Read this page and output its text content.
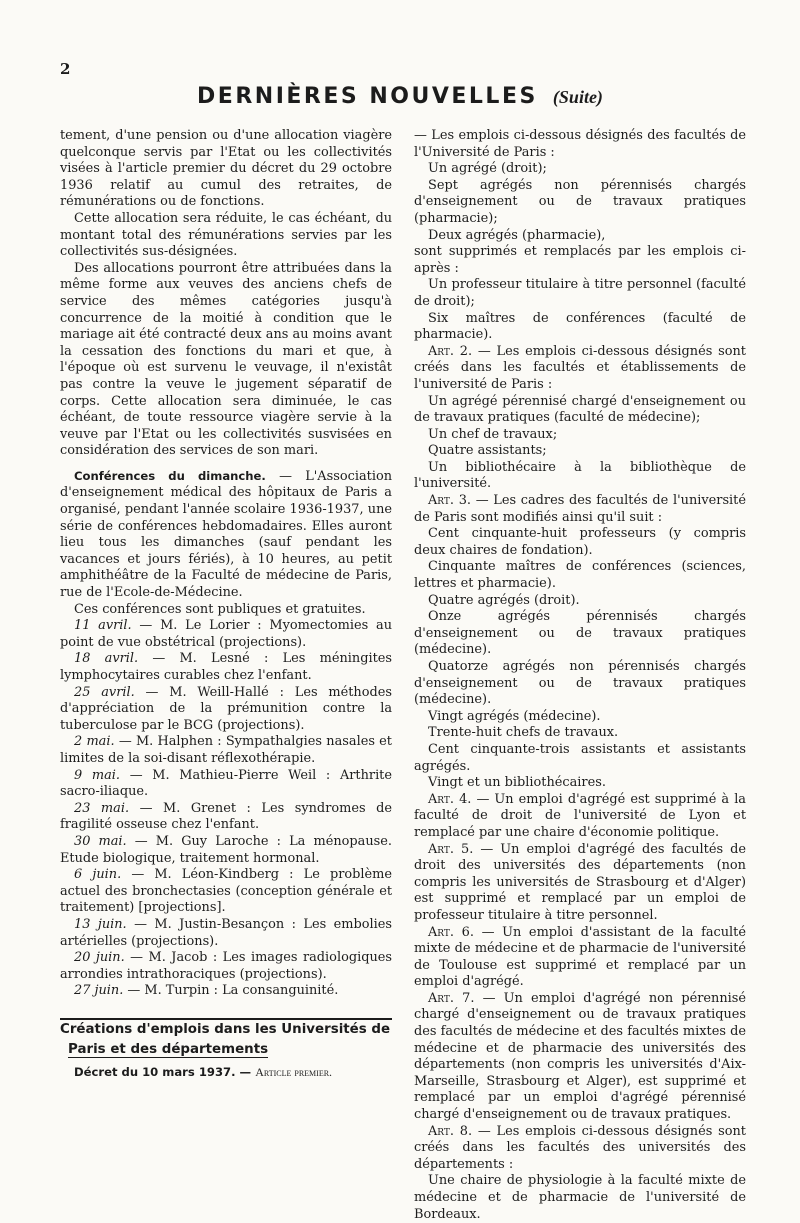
2
DERNIÈRES NOUVELLES (Suite)

tement, d'une pension ou d'une allocation viagère quelconque servis par l'Etat ou les collectivités visées à l'article premier du décret du 29 octobre 1936 relatif au cumul des retraites, de rémunérations ou de fonctions.

Cette allocation sera réduite, le cas échéant, du montant total des rémunérations servies par les collectivités sus-désignées.

Des allocations pourront être attribuées dans la même forme aux veuves des anciens chefs de service des mêmes catégories jusqu'à concurrence de la moitié à condition que le mariage ait été contracté deux ans au moins avant la cessation des fonctions du mari et que, à l'époque où est survenu le veuvage, il n'existât pas contre la veuve le jugement séparatif de corps. Cette allocation sera diminuée, le cas échéant, de toute ressource viagère servie à la veuve par l'Etat ou les collectivités susvisées en considération des services de son mari.

Conférences du dimanche. — L'Association d'enseignement médical des hôpitaux de Paris a organisé, pendant l'année scolaire 1936-1937, une série de conférences hebdomadaires. Elles auront lieu tous les dimanches (sauf pendant les vacances et jours fériés), à 10 heures, au petit amphithéâtre de la Faculté de médecine de Paris, rue de l'Ecole-de-Médecine.

Ces conférences sont publiques et gratuites.

11 avril. — M. Le Lorier : Myomectomies au point de vue obstétrical (projections).

18 avril. — M. Lesné : Les méningites lymphocytaires curables chez l'enfant.

25 avril. — M. Weill-Hallé : Les méthodes d'appréciation de la prémunition contre la tuberculose par le BCG (projections).

2 mai. — M. Halphen : Sympathalgies nasales et limites de la soi-disant réflexothérapie.

9 mai. — M. Mathieu-Pierre Weil : Arthrite sacro-iliaque.

23 mai. — M. Grenet : Les syndromes de fragilité osseuse chez l'enfant.

30 mai. — M. Guy Laroche : La ménopause. Etude biologique, traitement hormonal.

6 juin. — M. Léon-Kindberg : Le problème actuel des bronchectasies (conception générale et traitement) [projections].

13 juin. — M. Justin-Besançon : Les embolies artérielles (projections).

20 juin. — M. Jacob : Les images radiologiques arrondies intrathoraciques (projections).

27 juin. — M. Turpin : La consanguinité.

Créations d'emplois dans les Universités de
Paris et des départements

Décret du 10 mars 1937. — Article premier.

— Les emplois ci-dessous désignés des facultés de l'Université de Paris :

Un agrégé (droit);

Sept agrégés non pérennisés chargés d'enseignement ou de travaux pratiques (pharmacie);

Deux agrégés (pharmacie),

sont supprimés et remplacés par les emplois ci-après :

Un professeur titulaire à titre personnel (faculté de droit);

Six maîtres de conférences (faculté de pharmacie).

Art. 2. — Les emplois ci-dessous désignés sont créés dans les facultés et établissements de l'université de Paris :

Un agrégé pérennisé chargé d'enseignement ou de travaux pratiques (faculté de médecine);

Un chef de travaux;

Quatre assistants;

Un bibliothécaire à la bibliothèque de l'université.

Art. 3. — Les cadres des facultés de l'université de Paris sont modifiés ainsi qu'il suit :

Cent cinquante-huit professeurs (y compris deux chaires de fondation).

Cinquante maîtres de conférences (sciences, lettres et pharmacie).

Quatre agrégés (droit).

Onze agrégés pérennisés chargés d'enseignement ou de travaux pratiques (médecine).

Quatorze agrégés non pérennisés chargés d'enseignement ou de travaux pratiques (médecine).

Vingt agrégés (médecine).

Trente-huit chefs de travaux.

Cent cinquante-trois assistants et assistants agrégés.

Vingt et un bibliothécaires.

Art. 4. — Un emploi d'agrégé est supprimé à la faculté de droit de l'université de Lyon et remplacé par une chaire d'économie politique.

Art. 5. — Un emploi d'agrégé des facultés de droit des universités des départements (non compris les universités de Strasbourg et d'Alger) est supprimé et remplacé par un emploi de professeur titulaire à titre personnel.

Art. 6. — Un emploi d'assistant de la faculté mixte de médecine et de pharmacie de l'université de Toulouse est supprimé et remplacé par un emploi d'agrégé.

Art. 7. — Un emploi d'agrégé non pérennisé chargé d'enseignement ou de travaux pratiques des facultés de médecine et des facultés mixtes de médecine et de pharmacie des universités des départements (non compris les universités d'Aix-Marseille, Strasbourg et Alger), est supprimé et remplacé par un emploi d'agrégé pérennisé chargé d'enseignement ou de travaux pratiques.

Art. 8. — Les emplois ci-dessous désignés sont créés dans les facultés des universités des départements :

Une chaire de physiologie à la faculté mixte de médecine et de pharmacie de l'université de Bordeaux.
